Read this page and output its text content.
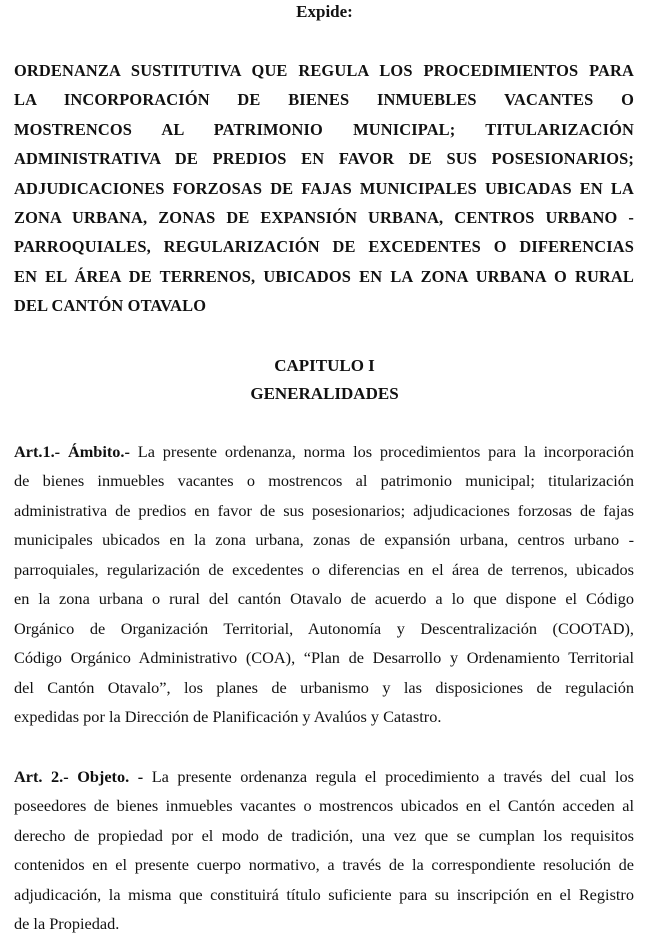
Expide:
ORDENANZA SUSTITUTIVA QUE REGULA LOS PROCEDIMIENTOS PARA
LA INCORPORACIÓN DE BIENES INMUEBLES VACANTES O
MOSTRENCOS AL PATRIMONIO MUNICIPAL; TITULARIZACIÓN
ADMINISTRATIVA DE PREDIOS EN FAVOR DE SUS POSESIONARIOS;
ADJUDICACIONES FORZOSAS DE FAJAS MUNICIPALES UBICADAS EN LA
ZONA URBANA, ZONAS DE EXPANSIÓN URBANA, CENTROS URBANO -
PARROQUIALES, REGULARIZACIÓN DE EXCEDENTES O DIFERENCIAS
EN EL ÁREA DE TERRENOS, UBICADOS EN LA ZONA URBANA O RURAL
DEL CANTÓN OTAVALO
CAPITULO I
GENERALIDADES
Art.1.- Ámbito.- La presente ordenanza, norma los procedimientos para la incorporación
de bienes inmuebles vacantes o mostrencos al patrimonio municipal; titularización
administrativa de predios en favor de sus posesionarios; adjudicaciones forzosas de fajas
municipales ubicados en la zona urbana, zonas de expansión urbana, centros urbano -
parroquiales, regularización de excedentes o diferencias en el área de terrenos, ubicados
en la zona urbana o rural del cantón Otavalo de acuerdo a lo que dispone el Código
Orgánico de Organización Territorial, Autonomía y Descentralización (COOTAD),
Código Orgánico Administrativo (COA), “Plan de Desarrollo y Ordenamiento Territorial
del Cantón Otavalo”, los planes de urbanismo y las disposiciones de regulación
expedidas por la Dirección de Planificación y Avalúos y Catastro.
Art. 2.- Objeto. - La presente ordenanza regula el procedimiento a través del cual los
poseedores de bienes inmuebles vacantes o mostrencos ubicados en el Cantón acceden al
derecho de propiedad por el modo de tradición, una vez que se cumplan los requisitos
contenidos en el presente cuerpo normativo, a través de la correspondiente resolución de
adjudicación, la misma que constituirá título suficiente para su inscripción en el Registro
de la Propiedad.
